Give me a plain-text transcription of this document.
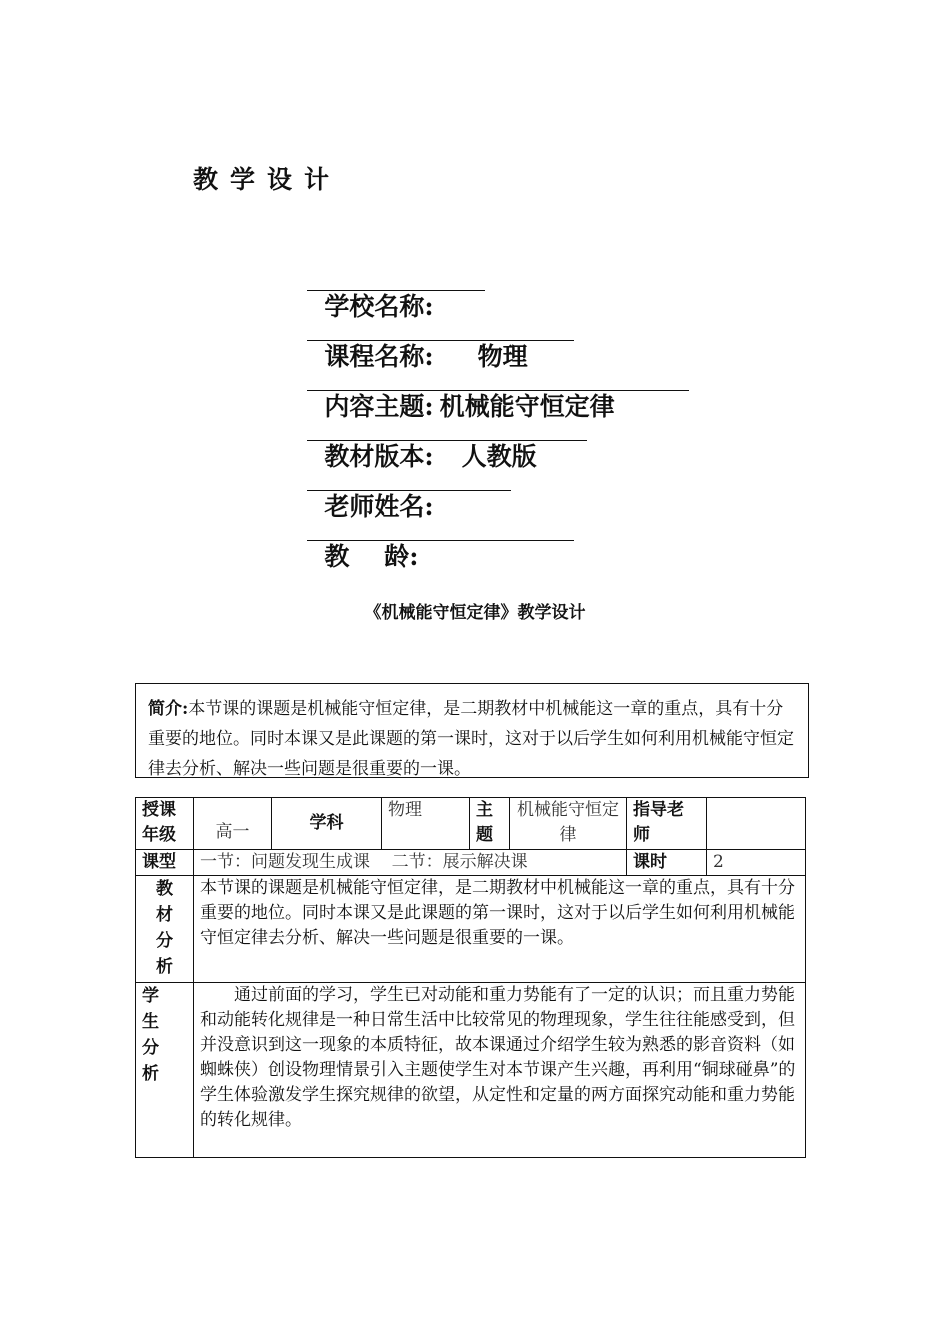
教学设计

学校名称:

课程名称: 物理

内容主题: 机械能守恒定律

教材版本: 人教版

老师姓名:

教    龄:

《机械能守恒定律》教学设计
简介:本节课的课题是机械能守恒定律，是二期教材中机械能这一章的重点，具有十分重要的地位。同时本课又是此课题的第一课时，这对于以后学生如何利用机械能守恒定律去分析、解决一些问题是很重要的一课。
授课年级	高一	学科	物理	主题	机械能守恒定律	指导老师	
课型	一节：问题发现生成课    二节：展示解决课					课时	2

教材分析	本节课的课题是机械能守恒定律，是二期教材中机械能这一章的重点，具有十分重要的地位。同时本课又是此课题的第一课时，这对于以后学生如何利用机械能守恒定律去分析、解决一些问题是很重要的一课。						

学生分析	通过前面的学习，学生已对动能和重力势能有了一定的认识；而且重力势能和动能转化规律是一种日常生活中比较常见的物理现象，学生往往能感受到，但并没意识到这一现象的本质特征，故本课通过介绍学生较为熟悉的影音资料（如蜘蛛侠）创设物理情景引入主题使学生对本节课产生兴趣，再利用“铜球碰鼻”的学生体验激发学生探究规律的欲望，从定性和定量的两方面探究动能和重力势能的转化规律。						
